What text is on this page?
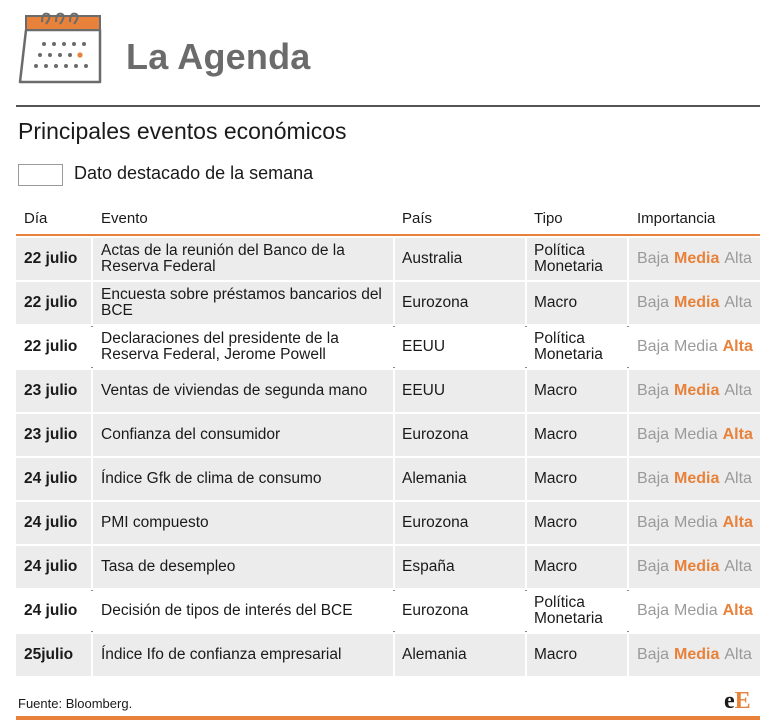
La Agenda
Principales eventos económicos
Dato destacado de la semana
Día	Evento	País	Tipo	Importancia
22 julio Actas de la reunión del Banco de la Reserva Federal	Australia	Política Monetaria	Baja Media Alta
22 julio Encuesta sobre préstamos bancarios del BCE	Eurozona	Macro	Baja Media Alta
22 julio Declaraciones del presidente de la Reserva Federal, Jerome Powell	EEUU	Política Monetaria	Baja Media Alta
23 julio Ventas de viviendas de segunda mano	EEUU	Macro	Baja Media Alta
23 julio Confianza del consumidor	Eurozona	Macro	Baja Media Alta
24 julio Índice Gfk de clima de consumo	Alemania	Macro	Baja Media Alta
24 julio PMI compuesto	Eurozona	Macro	Baja Media Alta
24 julio Tasa de desempleo	España	Macro	Baja Media Alta
24 julio Decisión de tipos de interés del BCE	Eurozona	Política Monetaria	Baja Media Alta
25julio Índice Ifo de confianza empresarial	Alemania	Macro	Baja Media Alta
Fuente: Bloomberg.	eE
